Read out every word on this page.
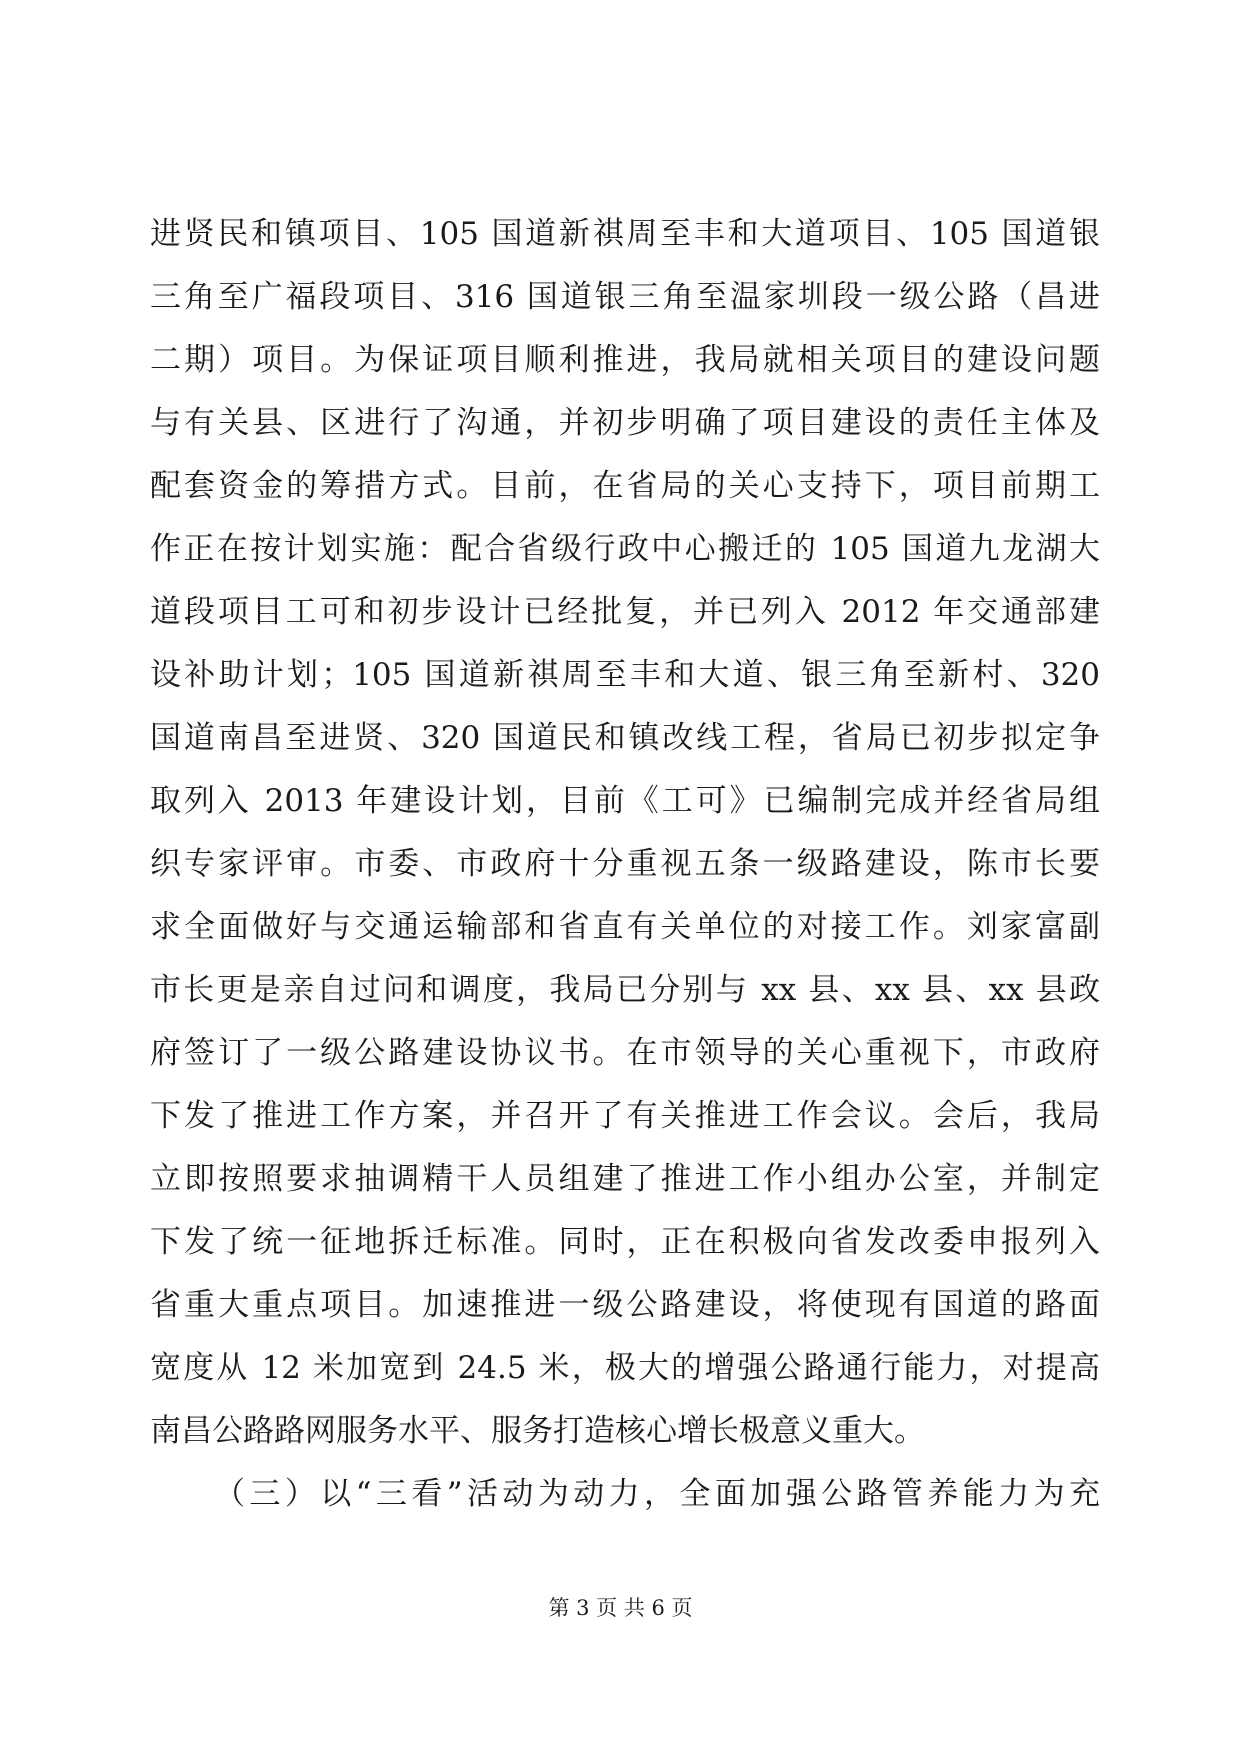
进贤民和镇项目、105 国道新祺周至丰和大道项目、105 国道银
三角至广福段项目、316 国道银三角至温家圳段一级公路（昌进
二期）项目。为保证项目顺利推进，我局就相关项目的建设问题
与有关县、区进行了沟通，并初步明确了项目建设的责任主体及
配套资金的筹措方式。目前，在省局的关心支持下，项目前期工
作正在按计划实施：配合省级行政中心搬迁的 105 国道九龙湖大
道段项目工可和初步设计已经批复，并已列入 2012 年交通部建
设补助计划；105 国道新祺周至丰和大道、银三角至新村、320
国道南昌至进贤、320 国道民和镇改线工程，省局已初步拟定争
取列入 2013 年建设计划，目前《工可》已编制完成并经省局组
织专家评审。市委、市政府十分重视五条一级路建设，陈市长要
求全面做好与交通运输部和省直有关单位的对接工作。刘家富副
市长更是亲自过问和调度，我局已分别与 xx 县、xx 县、xx 县政
府签订了一级公路建设协议书。在市领导的关心重视下，市政府
下发了推进工作方案，并召开了有关推进工作会议。会后，我局
立即按照要求抽调精干人员组建了推进工作小组办公室，并制定
下发了统一征地拆迁标准。同时，正在积极向省发改委申报列入
省重大重点项目。加速推进一级公路建设，将使现有国道的路面
宽度从 12 米加宽到 24.5 米，极大的增强公路通行能力，对提高
南昌公路路网服务水平、服务打造核心增长极意义重大。
（三）以“三看”活动为动力，全面加强公路管养能力为充
第 3 页 共 6 页
